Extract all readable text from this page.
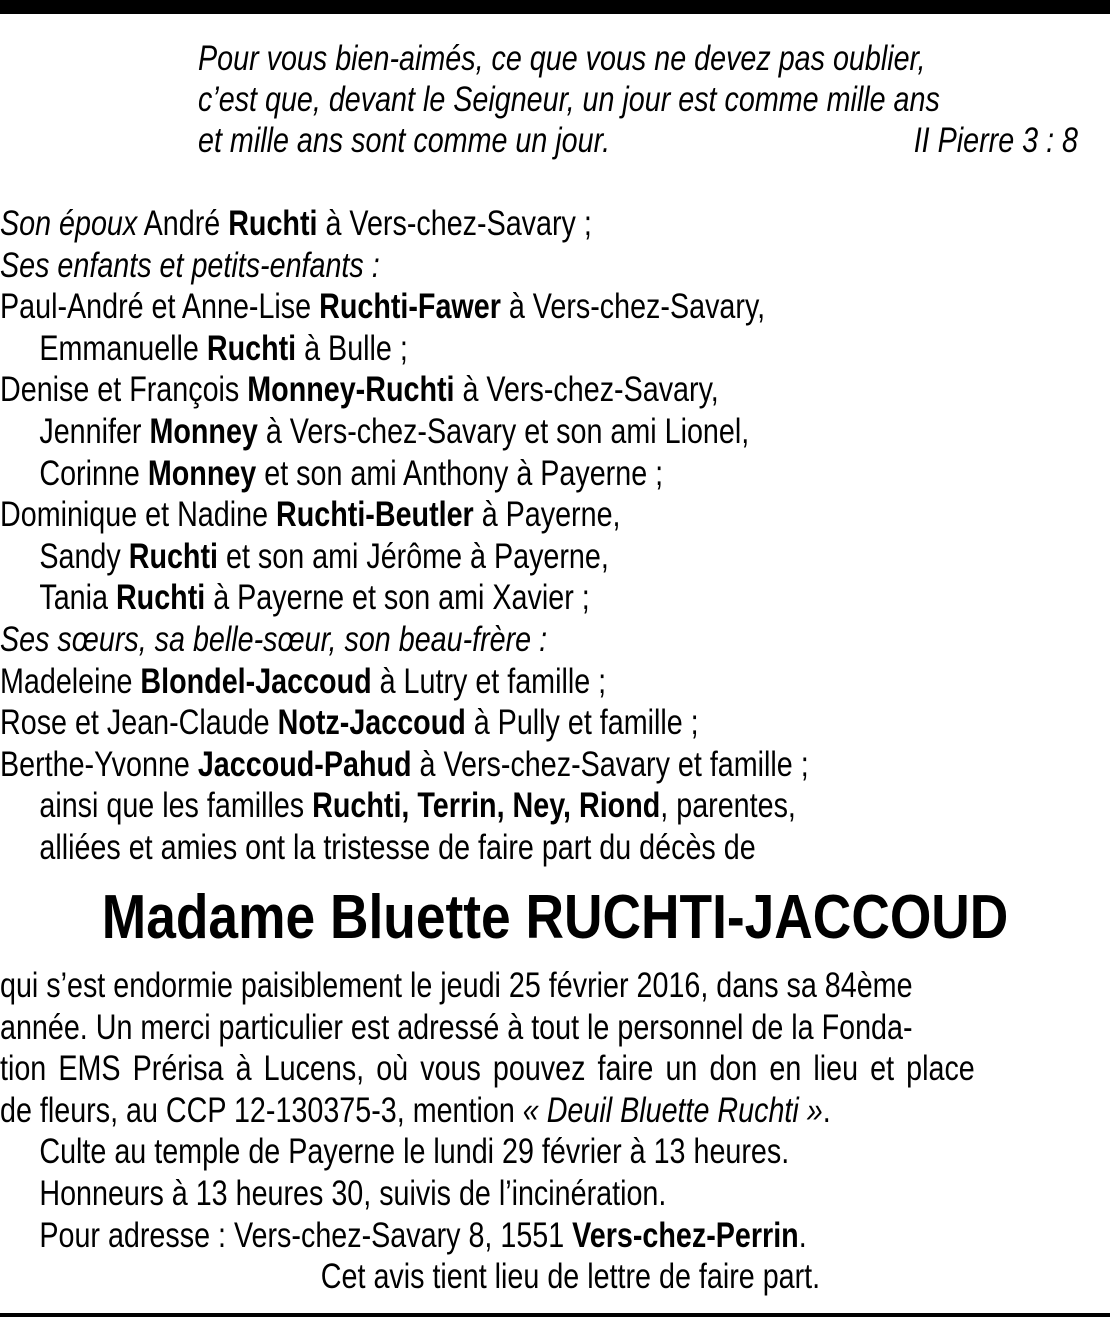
Pour vous bien-aimés, ce que vous ne devez pas oublier,
c’est que, devant le Seigneur, un jour est comme mille ans
et mille ans sont comme un jour.	II Pierre 3 : 8
Son époux André Ruchti à Vers-chez-Savary ;
Ses enfants et petits-enfants :
Paul-André et Anne-Lise Ruchti-Fawer à Vers-chez-Savary,
Emmanuelle Ruchti à Bulle ;
Denise et François Monney-Ruchti à Vers-chez-Savary,
Jennifer Monney à Vers-chez-Savary et son ami Lionel,
Corinne Monney et son ami Anthony à Payerne ;
Dominique et Nadine Ruchti-Beutler à Payerne,
Sandy Ruchti et son ami Jérôme à Payerne,
Tania Ruchti à Payerne et son ami Xavier ;
Ses sœurs, sa belle-sœur, son beau-frère :
Madeleine Blondel-Jaccoud à Lutry et famille ;
Rose et Jean-Claude Notz-Jaccoud à Pully et famille ;
Berthe-Yvonne Jaccoud-Pahud à Vers-chez-Savary et famille ;
ainsi que les familles Ruchti, Terrin, Ney, Riond, parentes,
alliées et amies ont la tristesse de faire part du décès de
Madame Bluette RUCHTI-JACCOUD
qui s’est endormie paisiblement le jeudi 25 février 2016, dans sa 84ème
année. Un merci particulier est adressé à tout le personnel de la Fonda-
tion EMS Prérisa à Lucens, où vous pouvez faire un don en lieu et place
de fleurs, au CCP 12-130375-3, mention « Deuil Bluette Ruchti ».
Culte au temple de Payerne le lundi 29 février à 13 heures.
Honneurs à 13 heures 30, suivis de l’incinération.
Pour adresse : Vers-chez-Savary 8, 1551 Vers-chez-Perrin.
Cet avis tient lieu de lettre de faire part.
